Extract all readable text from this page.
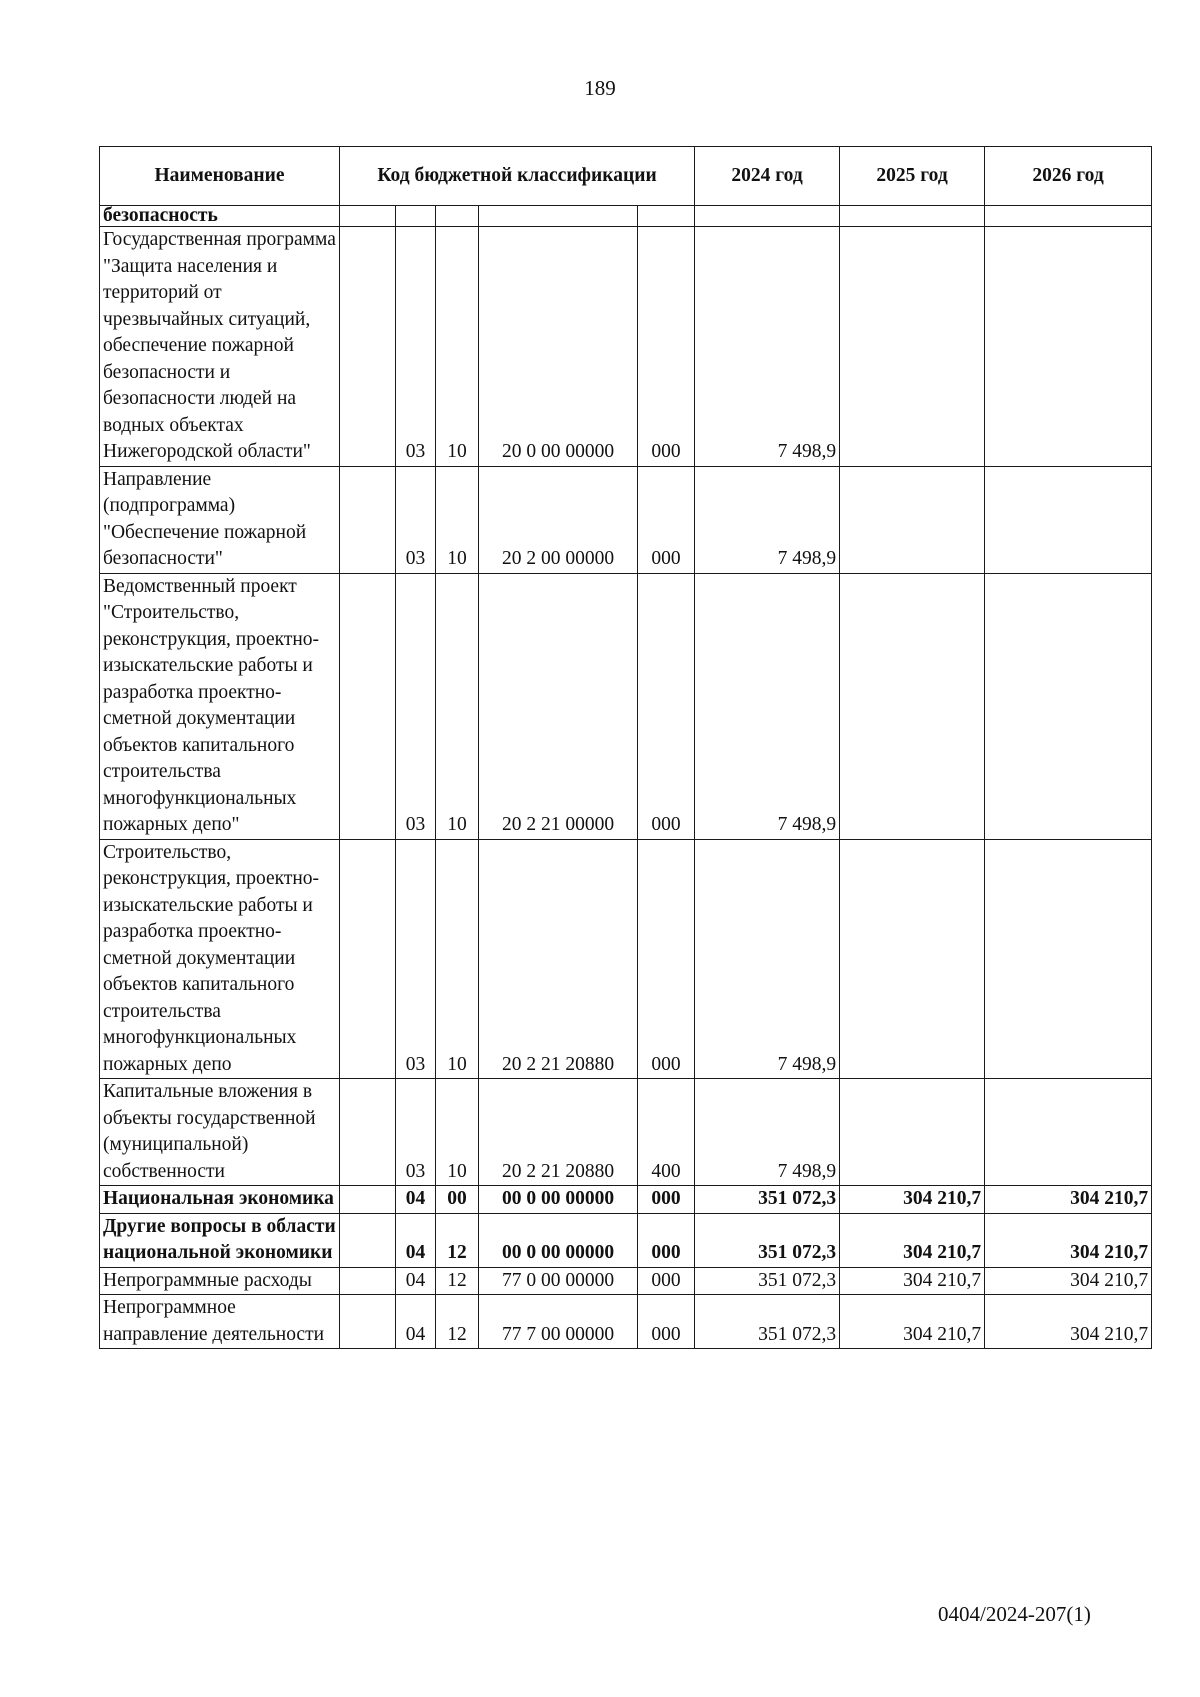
189
Наименование	Код бюджетной классификации					2024 год	2025 год	2026 год
безопасность								
Государственная программа "Защита населения и территорий от чрезвычайных ситуаций, обеспечение пожарной безопасности и безопасности людей на водных объектах Нижегородской области"		03	10	20 0 00 00000	000	7 498,9		
Направление (подпрограмма) "Обеспечение пожарной безопасности"		03	10	20 2 00 00000	000	7 498,9		
Ведомственный проект "Строительство, реконструкция, проектно-изыскательские работы и разработка проектно-сметной документации объектов капитального строительства многофункциональных пожарных депо"		03	10	20 2 21 00000	000	7 498,9		
Строительство, реконструкция, проектно-изыскательские работы и разработка проектно-сметной документации объектов капитального строительства многофункциональных пожарных депо		03	10	20 2 21 20880	000	7 498,9		
Капитальные вложения в объекты государственной (муниципальной) собственности		03	10	20 2 21 20880	400	7 498,9		
Национальная экономика		04	00	00 0 00 00000	000	351 072,3	304 210,7	304 210,7
Другие вопросы в области национальной экономики		04	12	00 0 00 00000	000	351 072,3	304 210,7	304 210,7
Непрограммные расходы		04	12	77 0 00 00000	000	351 072,3	304 210,7	304 210,7
Непрограммное направление деятельности		04	12	77 7 00 00000	000	351 072,3	304 210,7	304 210,7
0404/2024-207(1)
